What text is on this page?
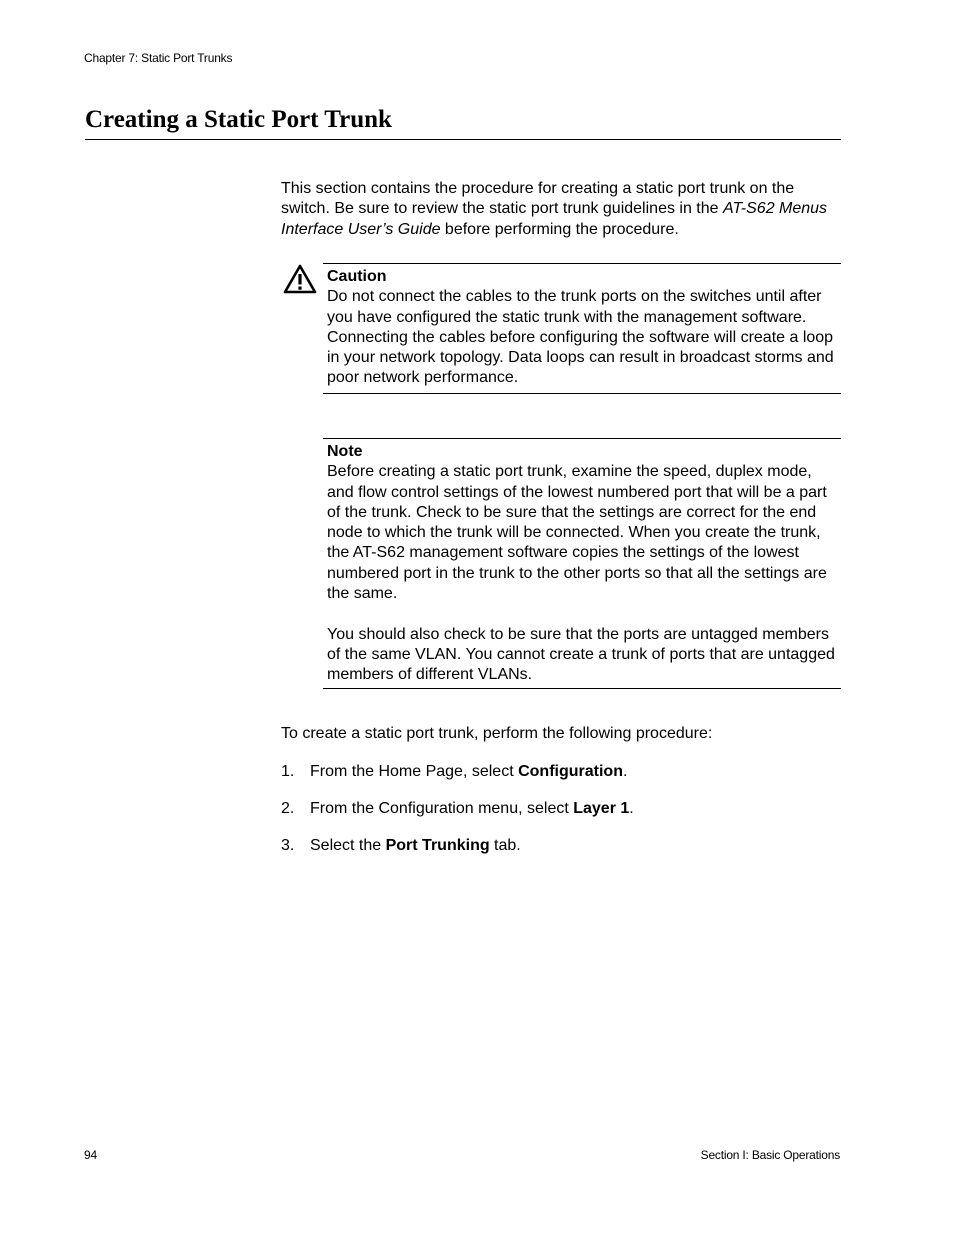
Chapter 7: Static Port Trunks
Creating a Static Port Trunk

This section contains the procedure for creating a static port trunk on the switch. Be sure to review the static port trunk guidelines in the AT-S62 Menus Interface User’s Guide before performing the procedure.

Caution

Do not connect the cables to the trunk ports on the switches until after you have configured the static trunk with the management software. Connecting the cables before configuring the software will create a loop in your network topology. Data loops can result in broadcast storms and poor network performance.

Note

Before creating a static port trunk, examine the speed, duplex mode, and flow control settings of the lowest numbered port that will be a part of the trunk. Check to be sure that the settings are correct for the end node to which the trunk will be connected. When you create the trunk, the AT-S62 management software copies the settings of the lowest numbered port in the trunk to the other ports so that all the settings are the same.

You should also check to be sure that the ports are untagged members of the same VLAN. You cannot create a trunk of ports that are untagged members of different VLANs.

To create a static port trunk, perform the following procedure:

1. From the Home Page, select Configuration.
2. From the Configuration menu, select Layer 1.
3. Select the Port Trunking tab.
94	Section I: Basic Operations
